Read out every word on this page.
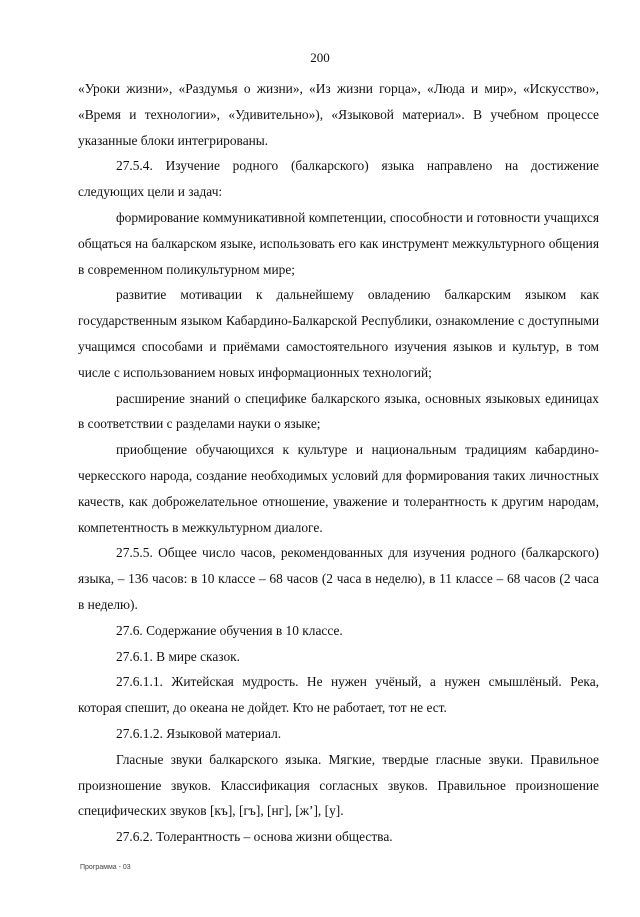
200

«Уроки жизни», «Раздумья о жизни», «Из жизни горца», «Люда и мир», «Искусство», «Время и технологии», «Удивительно»), «Языковой материал». В учебном процессе указанные блоки интегрированы.

27.5.4. Изучение родного (балкарского) языка направлено на достижение следующих цели и задач:

формирование коммуникативной компетенции, способности и готовности учащихся общаться на балкарском языке, использовать его как инструмент межкультурного общения в современном поликультурном мире;

развитие мотивации к дальнейшему овладению балкарским языком как государственным языком Кабардино-Балкарской Республики, ознакомление с доступными учащимся способами и приёмами самостоятельного изучения языков и культур, в том числе с использованием новых информационных технологий;

расширение знаний о специфике балкарского языка, основных языковых единицах в соответствии с разделами науки о языке;

приобщение обучающихся к культуре и национальным традициям кабардино-черкесского народа, создание необходимых условий для формирования таких личностных качеств, как доброжелательное отношение, уважение и толерантность к другим народам, компетентность в межкультурном диалоге.

27.5.5. Общее число часов, рекомендованных для изучения родного (балкарского) языка, – 136 часов: в 10 классе – 68 часов (2 часа в неделю), в 11 классе – 68 часов (2 часа в неделю).

27.6. Содержание обучения в 10 классе.

27.6.1. В мире сказок.

27.6.1.1. Житейская мудрость. Не нужен учёный, а нужен смышлёный. Река, которая спешит, до океана не дойдет. Кто не работает, тот не ест.

27.6.1.2. Языковой материал.

Гласные звуки балкарского языка. Мягкие, твердые гласные звуки. Правильное произношение звуков. Классификация согласных звуков. Правильное произношение специфических звуков [къ], [гъ], [нг], [ж’], [у].

27.6.2. Толерантность – основа жизни общества.

Программа - 03
